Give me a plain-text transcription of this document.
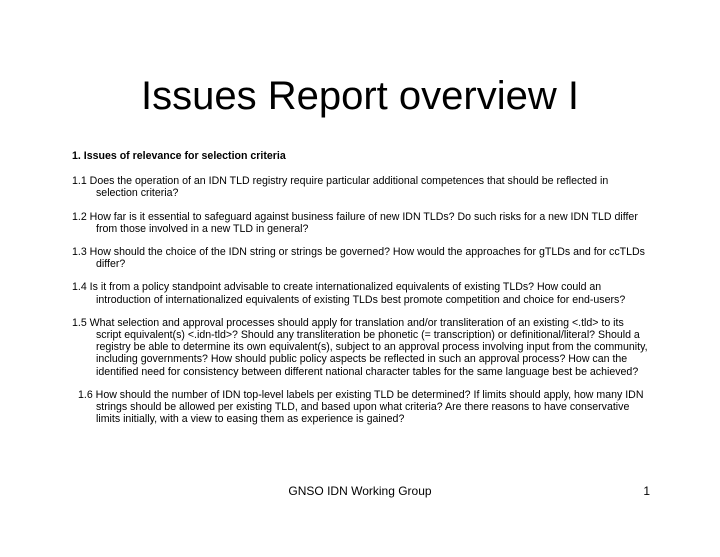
Issues Report overview I

1. Issues of relevance for selection criteria

1.1 Does the operation of an IDN TLD registry require particular additional competences that should be reflected in selection criteria?

1.2 How far is it essential to safeguard against business failure of new IDN TLDs? Do such risks for a new IDN TLD differ from those involved in a new TLD in general?

1.3 How should the choice of the IDN string or strings be governed? How would the approaches for gTLDs and for ccTLDs differ?

1.4 Is it from a policy standpoint advisable to create internationalized equivalents of existing TLDs? How could an introduction of internationalized equivalents of existing TLDs best promote competition and choice for end-users?

1.5 What selection and approval processes should apply for translation and/or transliteration of an existing <.tld> to its script equivalent(s) <.idn-tld>? Should any transliteration be phonetic (= transcription) or definitional/literal? Should a registry be able to determine its own equivalent(s), subject to an approval process involving input from the community, including governments? How should public policy aspects be reflected in such an approval process? How can the identified need for consistency between different national character tables for the same language best be achieved?

1.6 How should the number of IDN top-level labels per existing TLD be determined? If limits should apply, how many IDN strings should be allowed per existing TLD, and based upon what criteria? Are there reasons to have conservative limits initially, with a view to easing them as experience is gained?

GNSO IDN Working Group	1
